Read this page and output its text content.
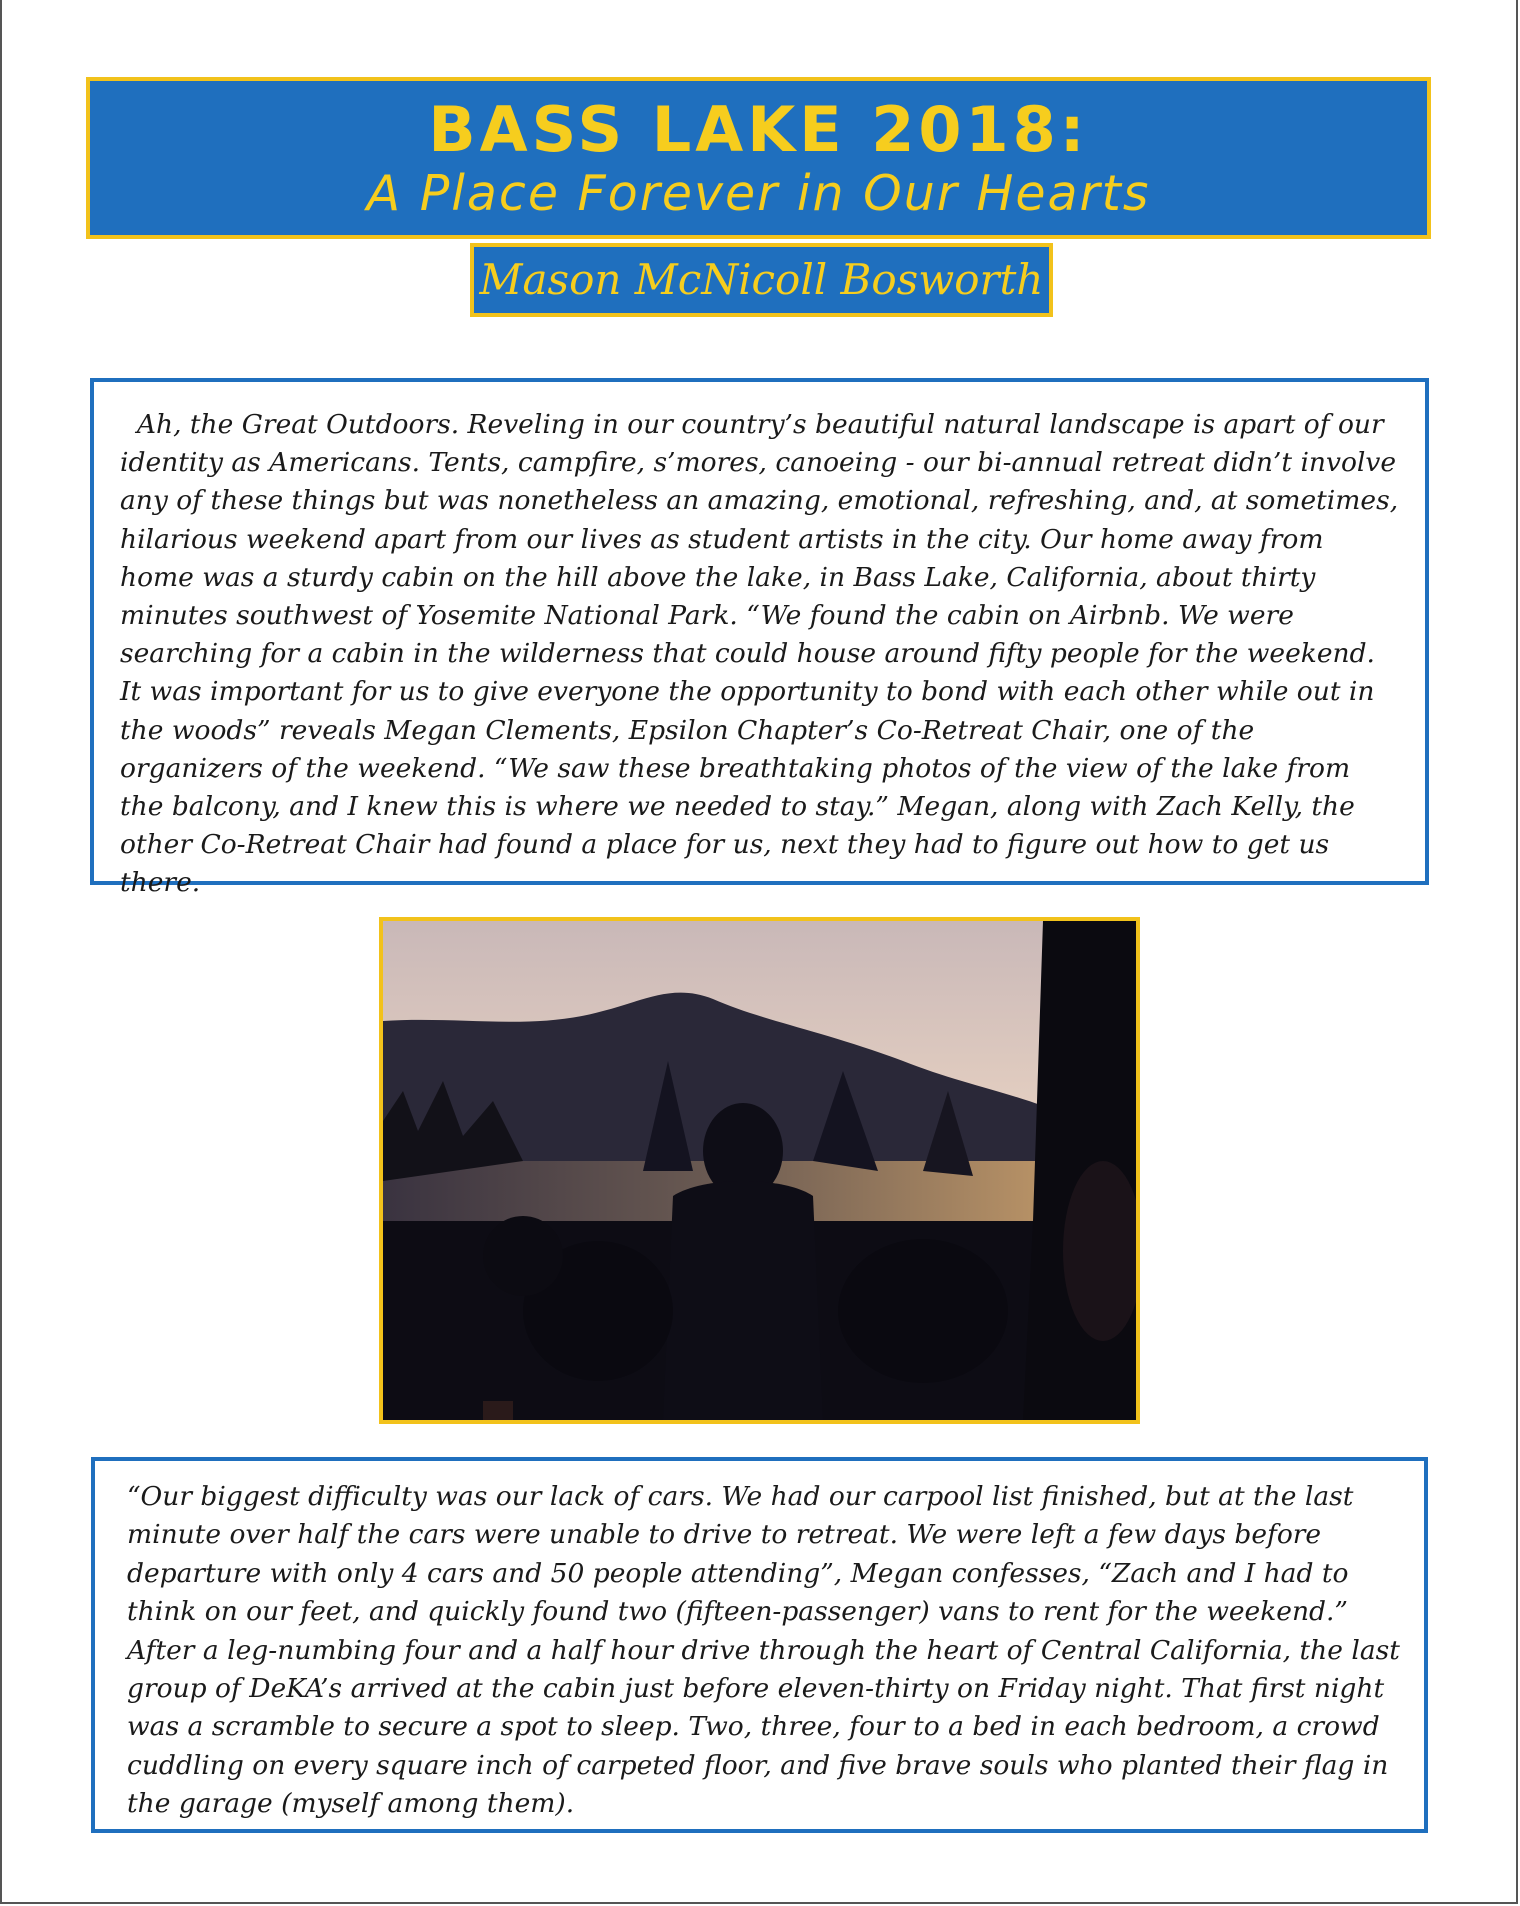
BASS LAKE 2018:
A Place Forever in Our Hearts
Mason McNicoll Bosworth

Ah, the Great Outdoors. Reveling in our country’s beautiful natural landscape is apart of our identity as Americans. Tents, campfire, s’mores, canoeing - our bi-annual retreat didn’t involve any of these things but was nonetheless an amazing, emotional, refreshing, and, at sometimes, hilarious weekend apart from our lives as student artists in the city. Our home away from home was a sturdy cabin on the hill above the lake, in Bass Lake, California, about thirty minutes southwest of Yosemite National Park. “We found the cabin on Airbnb. We were searching for a cabin in the wilderness that could house around fifty people for the weekend. It was important for us to give everyone the opportunity to bond with each other while out in the woods” reveals Megan Clements, Epsilon Chapter’s Co-Retreat Chair, one of the organizers of the weekend. “We saw these breathtaking photos of the view of the lake from the balcony, and I knew this is where we needed to stay.” Megan, along with Zach Kelly, the other Co-Retreat Chair had found a place for us, next they had to figure out how to get us there.

“Our biggest difficulty was our lack of cars. We had our carpool list finished, but at the last minute over half the cars were unable to drive to retreat. We were left a few days before departure with only 4 cars and 50 people attending”, Megan confesses, “Zach and I had to think on our feet, and quickly found two (fifteen-passenger) vans to rent for the weekend.” After a leg-numbing four and a half hour drive through the heart of Central California, the last group of DeKA’s arrived at the cabin just before eleven-thirty on Friday night. That first night was a scramble to secure a spot to sleep. Two, three, four to a bed in each bedroom, a crowd cuddling on every square inch of carpeted floor, and five brave souls who planted their flag in the garage (myself among them).
